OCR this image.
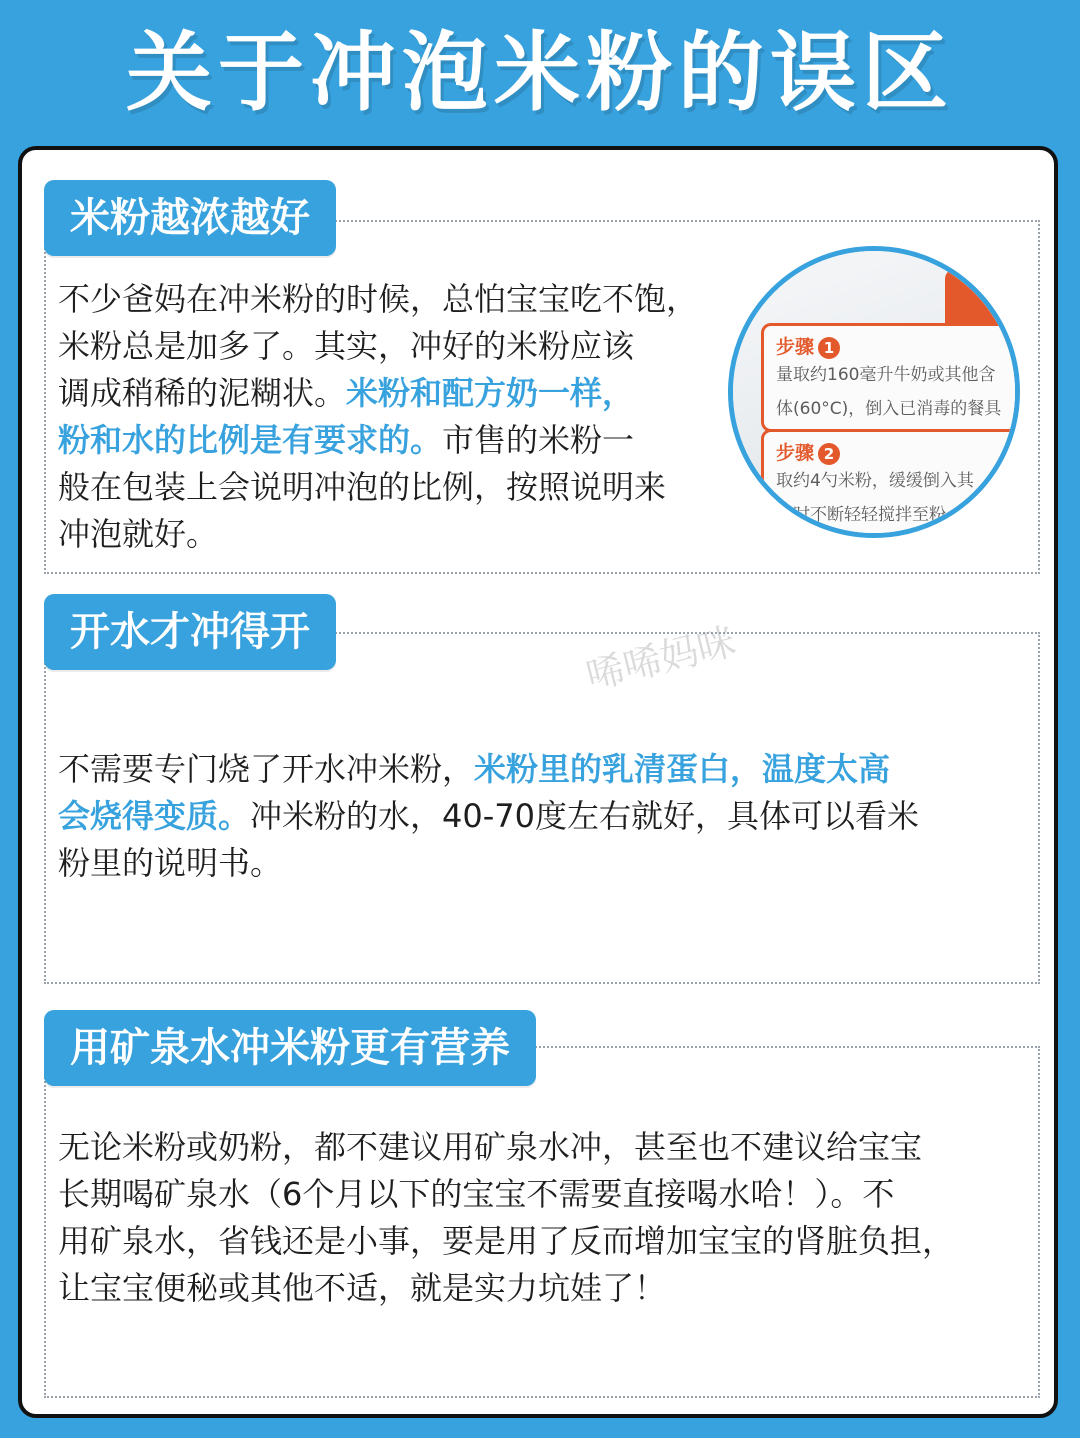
关于冲泡米粉的误区
米粉越浓越好
不少爸妈在冲米粉的时候，总怕宝宝吃不饱，
米粉总是加多了。其实，冲好的米粉应该
调成稍稀的泥糊状。米粉和配方奶一样，
粉和水的比例是有要求的。市售的米粉一
般在包装上会说明冲泡的比例，按照说明来
冲泡就好。
步骤 1
量取约160毫升牛奶或其他含
体(60°C)，倒入已消毒的餐具
步骤 2
取约4勺米粉，缓缓倒入其
同时不断轻轻搅拌至粉
开水才冲得开
不需要专门烧了开水冲米粉，米粉里的乳清蛋白，温度太高
会烧得变质。冲米粉的水，40-70度左右就好，具体可以看米
粉里的说明书。
用矿泉水冲米粉更有营养
无论米粉或奶粉，都不建议用矿泉水冲，甚至也不建议给宝宝
长期喝矿泉水（6个月以下的宝宝不需要直接喝水哈！）。不
用矿泉水，省钱还是小事，要是用了反而增加宝宝的肾脏负担，
让宝宝便秘或其他不适，就是实力坑娃了！
唏唏妈咪
